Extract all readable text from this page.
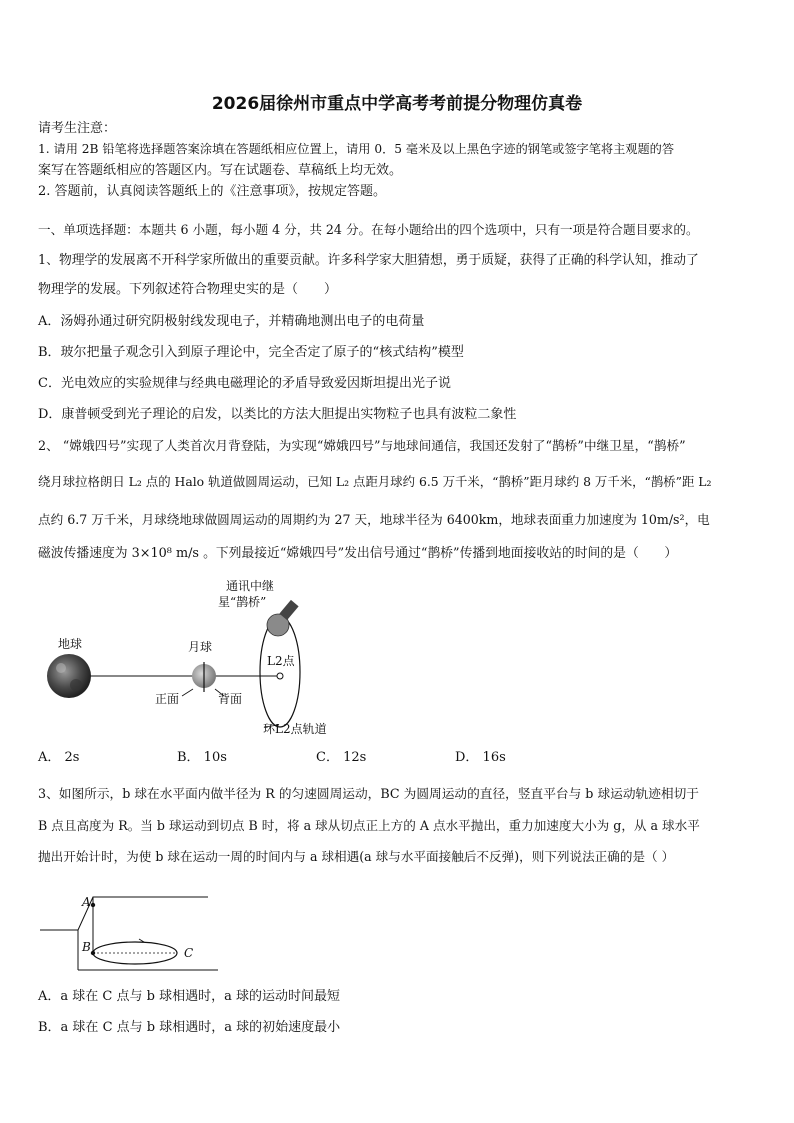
2026届徐州市重点中学高考考前提分物理仿真卷
请考生注意：
1. 请用 2B 铅笔将选择题答案涂填在答题纸相应位置上，请用 0．5 毫米及以上黑色字迹的钢笔或签字笔将主观题的答
案写在答题纸相应的答题区内。写在试题卷、草稿纸上均无效。
2. 答题前，认真阅读答题纸上的《注意事项》，按规定答题。
一、单项选择题：本题共 6 小题，每小题 4 分，共 24 分。在每小题给出的四个选项中，只有一项是符合题目要求的。
1、物理学的发展离不开科学家所做出的重要贡献。许多科学家大胆猜想，勇于质疑，获得了正确的科学认知，推动了
物理学的发展。下列叙述符合物理史实的是（　　）
A．汤姆孙通过研究阴极射线发现电子，并精确地测出电子的电荷量
B．玻尔把量子观念引入到原子理论中，完全否定了原子的“核式结构”模型
C．光电效应的实验规律与经典电磁理论的矛盾导致爱因斯坦提出光子说
D．康普顿受到光子理论的启发，以类比的方法大胆提出实物粒子也具有波粒二象性
2、 “嫦娥四号”实现了人类首次月背登陆，为实现“嫦娥四号”与地球间通信，我国还发射了“鹊桥”中继卫星，“鹊桥”
绕月球拉格朗日 L₂ 点的 Halo 轨道做圆周运动，已知 L₂ 点距月球约 6.5 万千米，“鹊桥”距月球约 8 万千米，“鹊桥”距 L₂
点约 6.7 万千米，月球绕地球做圆周运动的周期约为 27 天，地球半径为 6400km，地球表面重力加速度为 10m/s²，电
磁波传播速度为 3×10⁸ m/s 。下列最接近“嫦娥四号”发出信号通过“鹊桥”传播到地面接收站的时间的是（　　）
地球	月球
正面	背面
L2点
通讯中继
星“鹊桥”
环L2点轨道
A． 2s	B． 10s	C． 12s	D． 16s
3、如图所示，b 球在水平面内做半径为 R 的匀速圆周运动，BC 为圆周运动的直径，竖直平台与 b 球运动轨迹相切于
B 点且高度为 R。当 b 球运动到切点 B 时，将 a 球从切点正上方的 A 点水平抛出，重力加速度大小为 g，从 a 球水平
抛出开始计时，为使 b 球在运动一周的时间内与 a 球相遇(a 球与水平面接触后不反弹)，则下列说法正确的是（ ）
A
B	C
A．a 球在 C 点与 b 球相遇时，a 球的运动时间最短
B．a 球在 C 点与 b 球相遇时，a 球的初始速度最小
